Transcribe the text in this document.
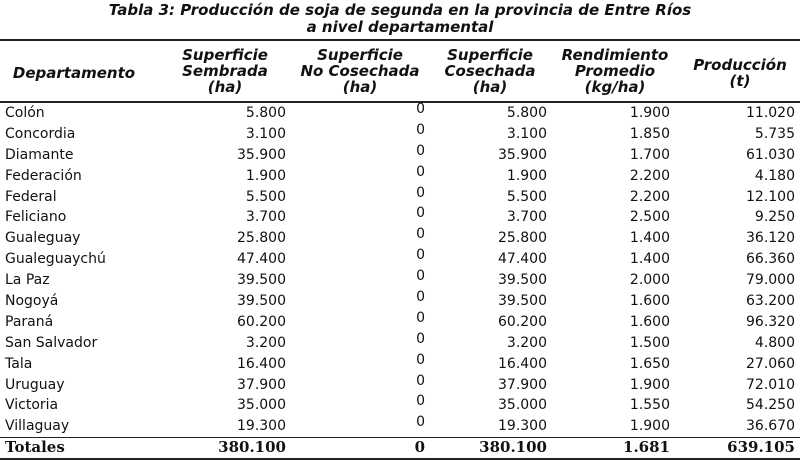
Tabla 3: Producción de soja de segunda en la provincia de Entre Ríos
a nivel departamental
Departamento
Superficie
Sembrada
(ha)
Superficie
No Cosechada
(ha)
Superficie
Cosechada
(ha)
Rendimiento
Promedio
(kg/ha)
Producción
(t)
Colón	5.800	0	5.800	1.900	11.020
Concordia	3.100	0	3.100	1.850	5.735
Diamante	35.900	0	35.900	1.700	61.030
Federación	1.900	0	1.900	2.200	4.180
Federal	5.500	0	5.500	2.200	12.100
Feliciano	3.700	0	3.700	2.500	9.250
Gualeguay	25.800	0	25.800	1.400	36.120
Gualeguaychú	47.400	0	47.400	1.400	66.360
La Paz	39.500	0	39.500	2.000	79.000
Nogoyá	39.500	0	39.500	1.600	63.200
Paraná	60.200	0	60.200	1.600	96.320
San Salvador	3.200	0	3.200	1.500	4.800
Tala	16.400	0	16.400	1.650	27.060
Uruguay	37.900	0	37.900	1.900	72.010
Victoria	35.000	0	35.000	1.550	54.250
Villaguay	19.300	0	19.300	1.900	36.670
Totales	380.100	0	380.100	1.681	639.105
